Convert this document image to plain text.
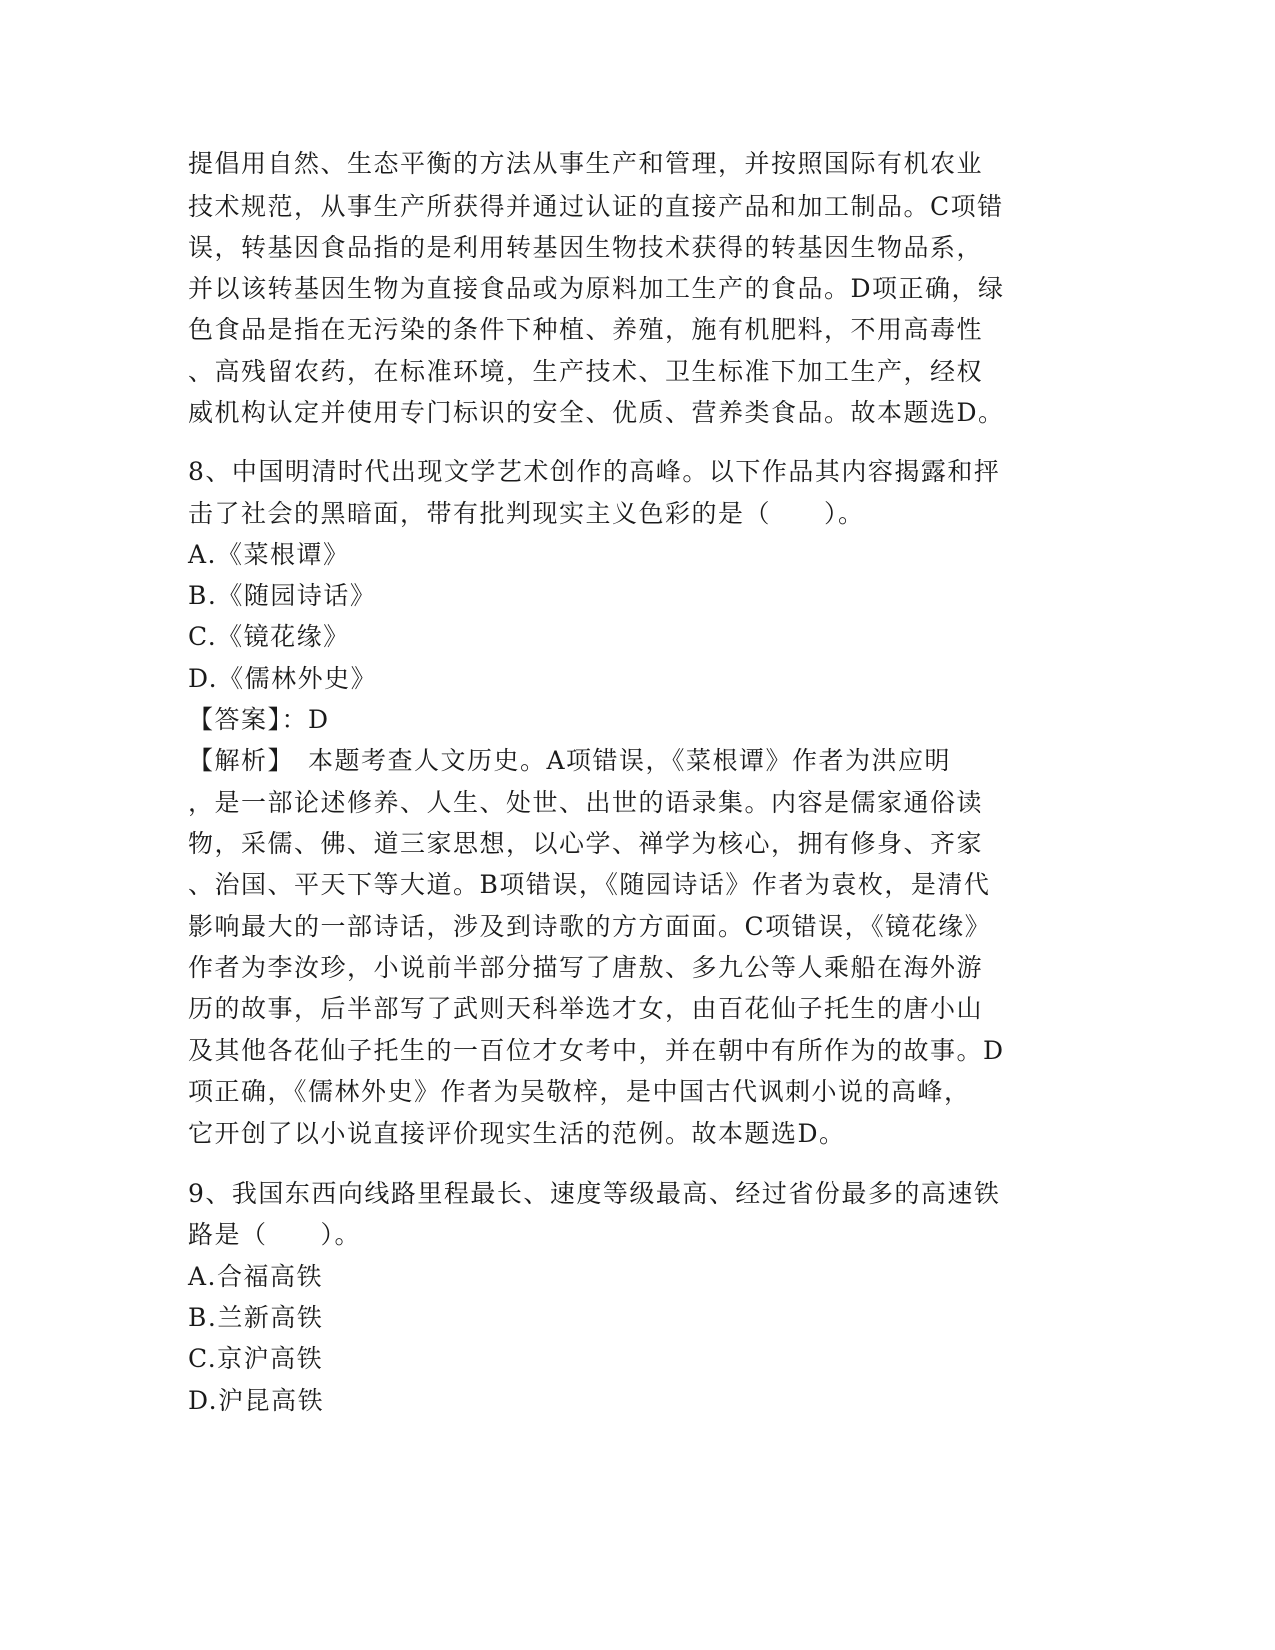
提倡用自然、生态平衡的方法从事生产和管理，并按照国际有机农业
技术规范，从事生产所获得并通过认证的直接产品和加工制品。C项错
误，转基因食品指的是利用转基因生物技术获得的转基因生物品系，
并以该转基因生物为直接食品或为原料加工生产的食品。D项正确，绿
色食品是指在无污染的条件下种植、养殖，施有机肥料，不用高毒性
、高残留农药，在标准环境，生产技术、卫生标准下加工生产，经权
威机构认定并使用专门标识的安全、优质、营养类食品。故本题选D。
8、中国明清时代出现文学艺术创作的高峰。以下作品其内容揭露和抨
击了社会的黑暗面，带有批判现实主义色彩的是（　　）。
A.《菜根谭》
B.《随园诗话》
C.《镜花缘》
D.《儒林外史》
【答案】：D
【解析】　本题考查人文历史。A项错误，《菜根谭》作者为洪应明
，是一部论述修养、人生、处世、出世的语录集。内容是儒家通俗读
物，采儒、佛、道三家思想，以心学、禅学为核心，拥有修身、齐家
、治国、平天下等大道。B项错误，《随园诗话》作者为袁枚，是清代
影响最大的一部诗话，涉及到诗歌的方方面面。C项错误，《镜花缘》
作者为李汝珍，小说前半部分描写了唐敖、多九公等人乘船在海外游
历的故事，后半部写了武则天科举选才女，由百花仙子托生的唐小山
及其他各花仙子托生的一百位才女考中，并在朝中有所作为的故事。D
项正确，《儒林外史》作者为吴敬梓，是中国古代讽刺小说的高峰，
它开创了以小说直接评价现实生活的范例。故本题选D。
9、我国东西向线路里程最长、速度等级最高、经过省份最多的高速铁
路是（　　）。
A.合福高铁
B.兰新高铁
C.京沪高铁
D.沪昆高铁
